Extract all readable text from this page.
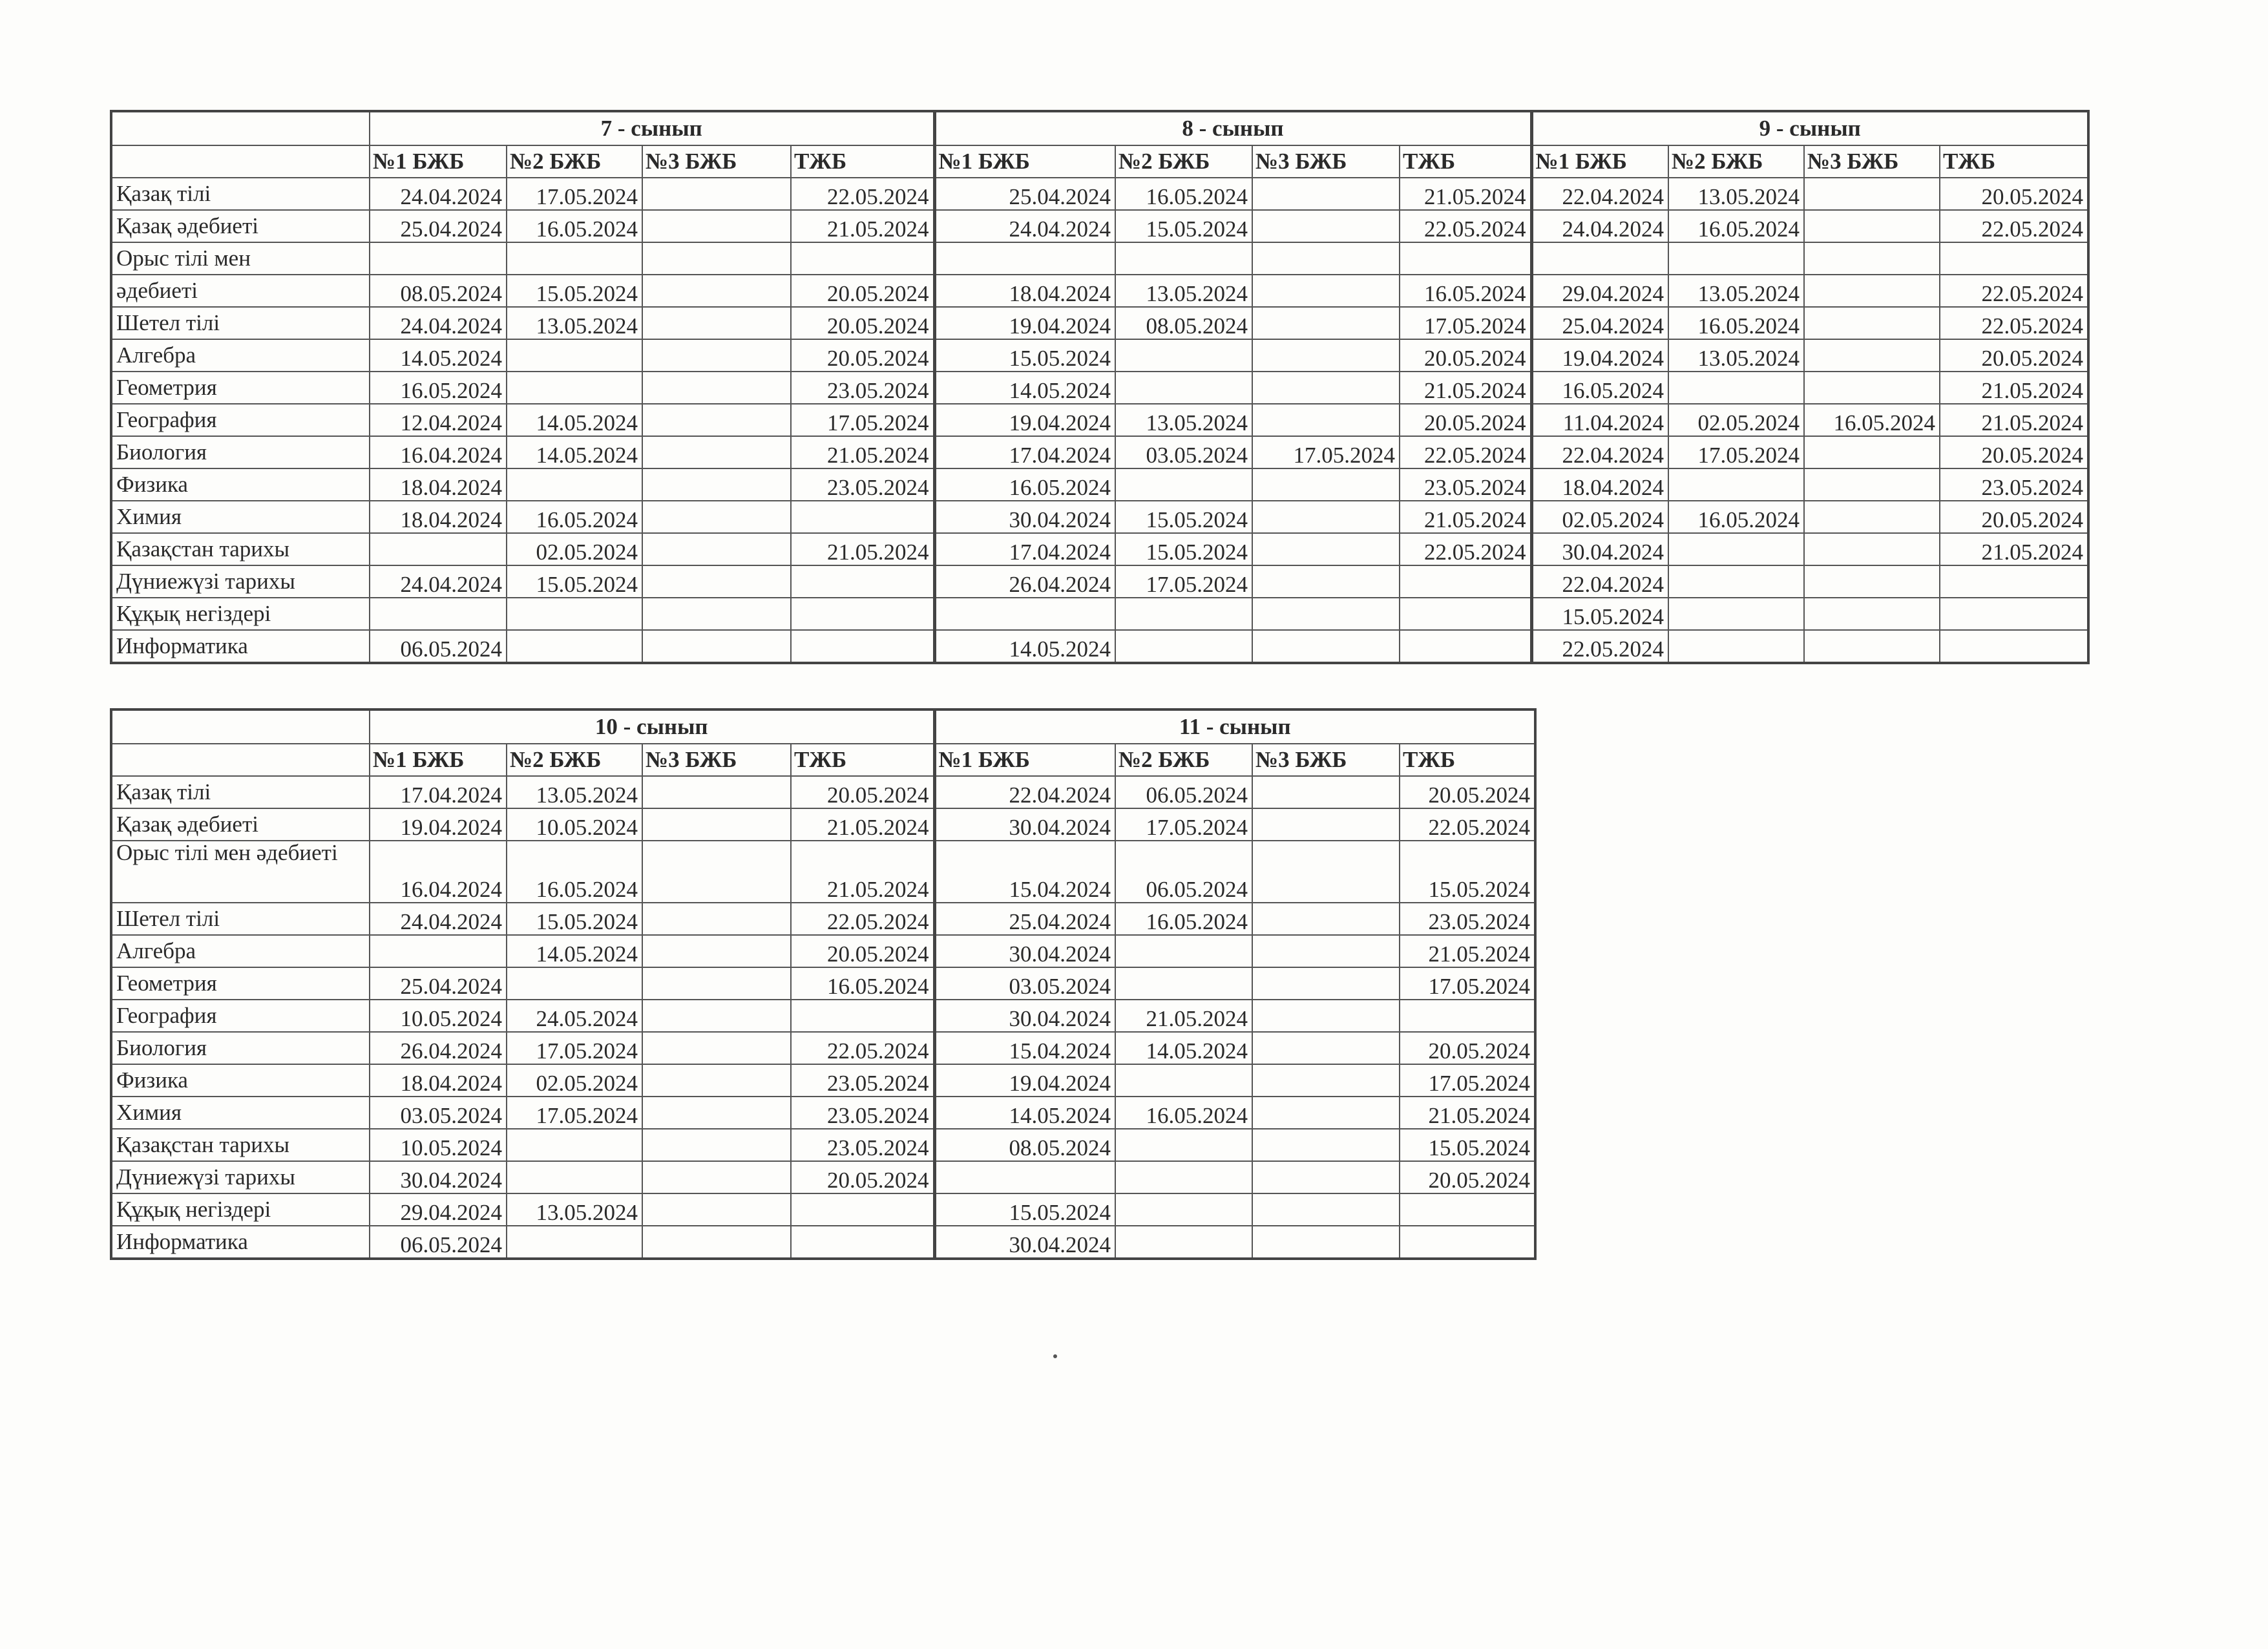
	7 - сынып				8 - сынып				9 - сынып			
	№1 БЖБ	№2 БЖБ	№3 БЖБ	ТЖБ	№1 БЖБ	№2 БЖБ	№3 БЖБ	ТЖБ	№1 БЖБ	№2 БЖБ	№3 БЖБ	ТЖБ
Қазақ тілі	24.04.2024	17.05.2024		22.05.2024	25.04.2024	16.05.2024		21.05.2024	22.04.2024	13.05.2024		20.05.2024
Қазақ әдебиеті	25.04.2024	16.05.2024		21.05.2024	24.04.2024	15.05.2024		22.05.2024	24.04.2024	16.05.2024		22.05.2024
Орыс тілі мен												
әдебиеті	08.05.2024	15.05.2024		20.05.2024	18.04.2024	13.05.2024		16.05.2024	29.04.2024	13.05.2024		22.05.2024
Шетел тілі	24.04.2024	13.05.2024		20.05.2024	19.04.2024	08.05.2024		17.05.2024	25.04.2024	16.05.2024		22.05.2024
Алгебра	14.05.2024			20.05.2024	15.05.2024			20.05.2024	19.04.2024	13.05.2024		20.05.2024
Геометрия	16.05.2024			23.05.2024	14.05.2024			21.05.2024	16.05.2024			21.05.2024
География	12.04.2024	14.05.2024		17.05.2024	19.04.2024	13.05.2024		20.05.2024	11.04.2024	02.05.2024	16.05.2024	21.05.2024
Биология	16.04.2024	14.05.2024		21.05.2024	17.04.2024	03.05.2024	17.05.2024	22.05.2024	22.04.2024	17.05.2024		20.05.2024
Физика	18.04.2024			23.05.2024	16.05.2024			23.05.2024	18.04.2024			23.05.2024
Химия	18.04.2024	16.05.2024			30.04.2024	15.05.2024		21.05.2024	02.05.2024	16.05.2024		20.05.2024
Қазақстан тарихы		02.05.2024		21.05.2024	17.04.2024	15.05.2024		22.05.2024	30.04.2024			21.05.2024
Дүниежүзі тарихы	24.04.2024	15.05.2024			26.04.2024	17.05.2024			22.04.2024			
Құқық негіздері									15.05.2024			
Информатика	06.05.2024				14.05.2024				22.05.2024			
	10 - сынып				11 - сынып			
	№1 БЖБ	№2 БЖБ	№3 БЖБ	ТЖБ	№1 БЖБ	№2 БЖБ	№3 БЖБ	ТЖБ
Қазақ тілі	17.04.2024	13.05.2024		20.05.2024	22.04.2024	06.05.2024		20.05.2024
Қазақ әдебиеті	19.04.2024	10.05.2024		21.05.2024	30.04.2024	17.05.2024		22.05.2024
Орыс тілі мен әдебиеті	16.04.2024	16.05.2024		21.05.2024	15.04.2024	06.05.2024		15.05.2024
Шетел тілі	24.04.2024	15.05.2024		22.05.2024	25.04.2024	16.05.2024		23.05.2024
Алгебра		14.05.2024		20.05.2024	30.04.2024			21.05.2024
Геометрия	25.04.2024			16.05.2024	03.05.2024			17.05.2024
География	10.05.2024	24.05.2024			30.04.2024	21.05.2024		
Биология	26.04.2024	17.05.2024		22.05.2024	15.04.2024	14.05.2024		20.05.2024
Физика	18.04.2024	02.05.2024		23.05.2024	19.04.2024			17.05.2024
Химия	03.05.2024	17.05.2024		23.05.2024	14.05.2024	16.05.2024		21.05.2024
Қазақстан тарихы	10.05.2024			23.05.2024	08.05.2024			15.05.2024
Дүниежүзі тарихы	30.04.2024			20.05.2024				20.05.2024
Құқық негіздері	29.04.2024	13.05.2024			15.05.2024			
Информатика	06.05.2024				30.04.2024			
